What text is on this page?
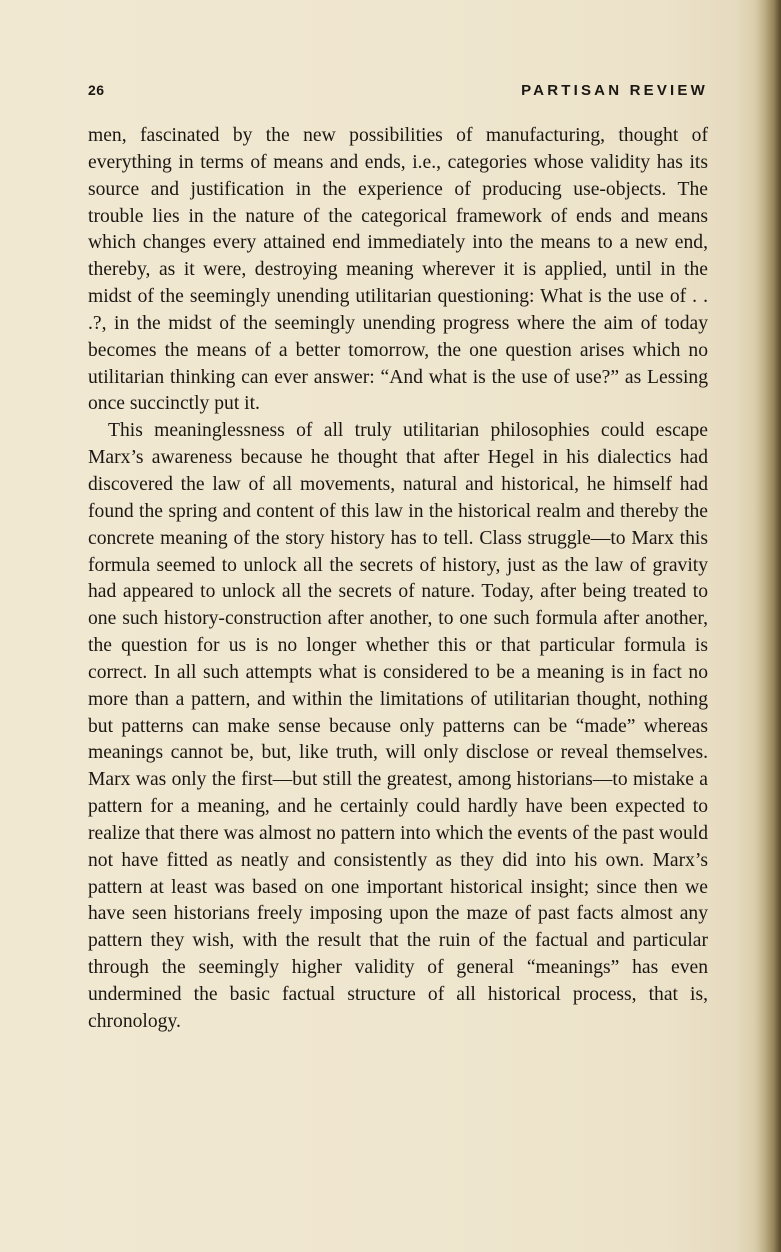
26	PARTISAN REVIEW

men, fascinated by the new possibilities of manufacturing, thought of everything in terms of means and ends, i.e., categories whose validity has its source and justification in the experience of producing use-objects. The trouble lies in the nature of the categorical framework of ends and means which changes every attained end immediately into the means to a new end, thereby, as it were, destroying meaning wherever it is applied, until in the midst of the seemingly unending utilitarian questioning: What is the use of . . .?, in the midst of the seemingly unending progress where the aim of today becomes the means of a better tomorrow, the one question arises which no utilitarian thinking can ever answer: “And what is the use of use?” as Lessing once succinctly put it.

This meaninglessness of all truly utilitarian philosophies could escape Marx’s awareness because he thought that after Hegel in his dialectics had discovered the law of all movements, natural and historical, he himself had found the spring and content of this law in the historical realm and thereby the concrete meaning of the story history has to tell. Class struggle—to Marx this formula seemed to unlock all the secrets of history, just as the law of gravity had appeared to unlock all the secrets of nature. Today, after being treated to one such history-construction after another, to one such formula after another, the question for us is no longer whether this or that particular formula is correct. In all such attempts what is considered to be a meaning is in fact no more than a pattern, and within the limitations of utilitarian thought, nothing but patterns can make sense because only patterns can be “made” whereas meanings cannot be, but, like truth, will only disclose or reveal themselves. Marx was only the first—but still the greatest, among historians—to mistake a pattern for a meaning, and he certainly could hardly have been expected to realize that there was almost no pattern into which the events of the past would not have fitted as neatly and consistently as they did into his own. Marx’s pattern at least was based on one important historical insight; since then we have seen historians freely imposing upon the maze of past facts almost any pattern they wish, with the result that the ruin of the factual and particular through the seemingly higher validity of general “meanings” has even undermined the basic factual structure of all historical process, that is, chronology.
